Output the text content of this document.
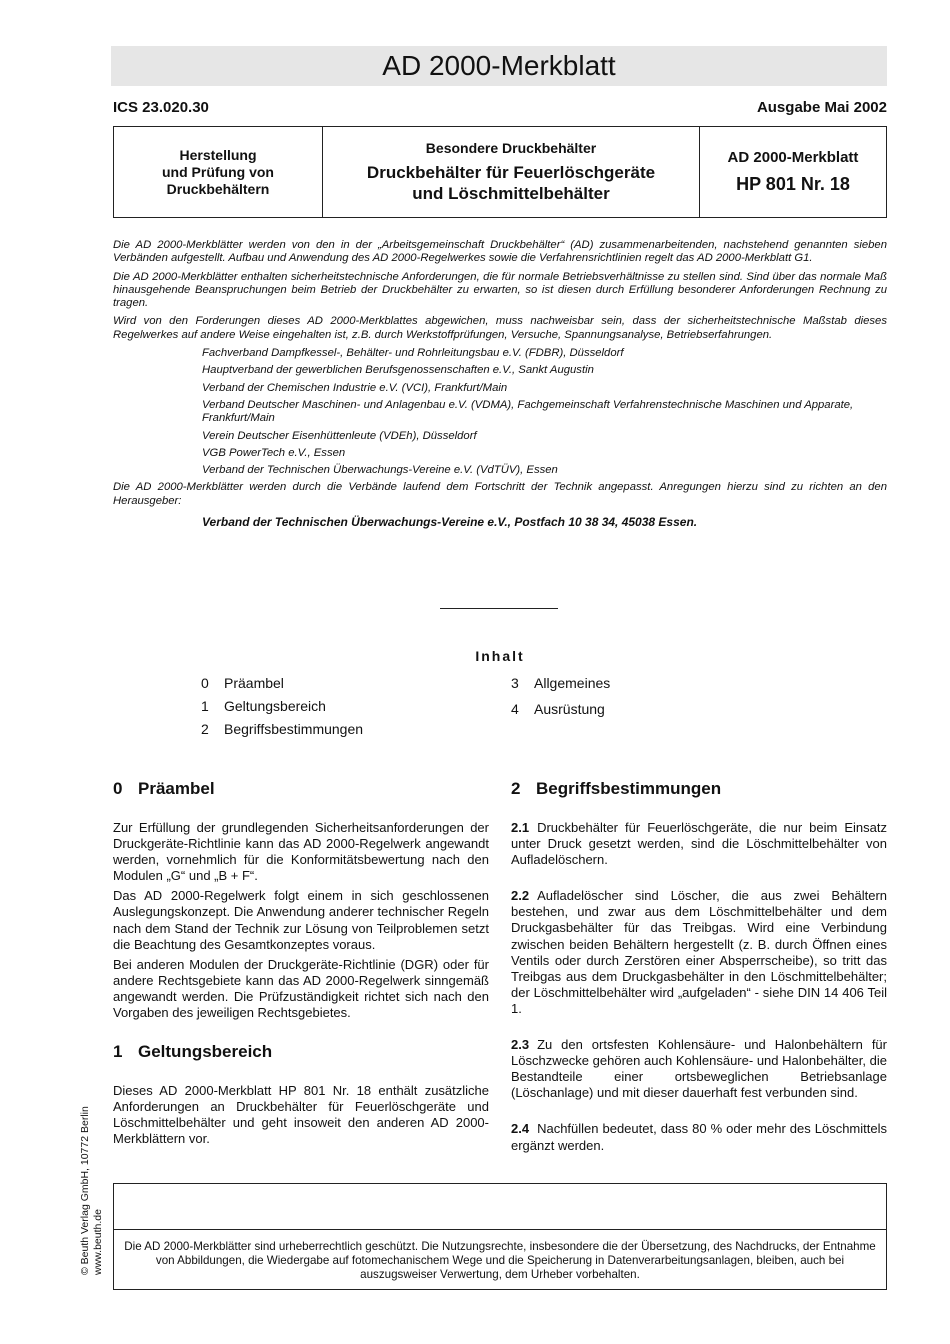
AD 2000-Merkblatt
ICS 23.020.30	Ausgabe Mai 2002
Herstellung
und Prüfung von
Druckbehältern
Besondere Druckbehälter
Druckbehälter für Feuerlöschgeräte
und Löschmittelbehälter
AD 2000-Merkblatt
HP 801 Nr. 18

Die AD 2000-Merkblätter werden von den in der „Arbeitsgemeinschaft Druckbehälter“ (AD) zusammenarbeitenden, nachstehend genannten sieben Verbänden aufgestellt. Aufbau und Anwendung des AD 2000-Regelwerkes sowie die Verfahrensrichtlinien regelt das AD 2000-Merkblatt G1.

Die AD 2000-Merkblätter enthalten sicherheitstechnische Anforderungen, die für normale Betriebsverhältnisse zu stellen sind. Sind über das normale Maß hinausgehende Beanspruchungen beim Betrieb der Druckbehälter zu erwarten, so ist diesen durch Erfüllung besonderer Anforderungen Rechnung zu tragen.

Wird von den Forderungen dieses AD 2000-Merkblattes abgewichen, muss nachweisbar sein, dass der sicherheitstechnische Maßstab dieses Regelwerkes auf andere Weise eingehalten ist, z.B. durch Werkstoffprüfungen, Versuche, Spannungsanalyse, Betriebserfahrungen.

Fachverband Dampfkessel-, Behälter- und Rohrleitungsbau e.V. (FDBR), Düsseldorf
Hauptverband der gewerblichen Berufsgenossenschaften e.V., Sankt Augustin
Verband der Chemischen Industrie e.V. (VCI), Frankfurt/Main
Verband Deutscher Maschinen- und Anlagenbau e.V. (VDMA), Fachgemeinschaft Verfahrenstechnische Maschinen und Apparate, Frankfurt/Main
Verein Deutscher Eisenhüttenleute (VDEh), Düsseldorf
VGB PowerTech e.V., Essen
Verband der Technischen Überwachungs-Vereine e.V. (VdTÜV), Essen

Die AD 2000-Merkblätter werden durch die Verbände laufend dem Fortschritt der Technik angepasst. Anregungen hierzu sind zu richten an den Herausgeber:

Verband der Technischen Überwachungs-Vereine e.V., Postfach 10 38 34, 45038 Essen.
Inhalt
0 Präambel
1 Geltungsbereich
2 Begriffsbestimmungen
3 Allgemeines
4 Ausrüstung
0 Präambel

Zur Erfüllung der grundlegenden Sicherheitsanforderungen der Druckgeräte-Richtlinie kann das AD 2000-Regelwerk angewandt werden, vornehmlich für die Konformitätsbewertung nach den Modulen „G“ und „B + F“.

Das AD 2000-Regelwerk folgt einem in sich geschlossenen Auslegungskonzept. Die Anwendung anderer technischer Regeln nach dem Stand der Technik zur Lösung von Teilproblemen setzt die Beachtung des Gesamtkonzeptes voraus.

Bei anderen Modulen der Druckgeräte-Richtlinie (DGR) oder für andere Rechtsgebiete kann das AD 2000-Regelwerk sinngemäß angewandt werden. Die Prüfzuständigkeit richtet sich nach den Vorgaben des jeweiligen Rechtsgebietes.

1 Geltungsbereich

Dieses AD 2000-Merkblatt HP 801 Nr. 18 enthält zusätzliche Anforderungen an Druckbehälter für Feuerlöschgeräte und Löschmittelbehälter und geht insoweit den anderen AD 2000-Merkblättern vor.

2 Begriffsbestimmungen

2.1 Druckbehälter für Feuerlöschgeräte, die nur beim Einsatz unter Druck gesetzt werden, sind die Löschmittelbehälter von Aufladelöschern.

2.2 Aufladelöscher sind Löscher, die aus zwei Behältern bestehen, und zwar aus dem Löschmittelbehälter und dem Druckgasbehälter für das Treibgas. Wird eine Verbindung zwischen beiden Behältern hergestellt (z. B. durch Öffnen eines Ventils oder durch Zerstören einer Absperrscheibe), so tritt das Treibgas aus dem Druckgasbehälter in den Löschmittelbehälter; der Löschmittelbehälter wird „aufgeladen“ - siehe DIN 14 406 Teil 1.

2.3 Zu den ortsfesten Kohlensäure- und Halonbehältern für Löschzwecke gehören auch Kohlensäure- und Halonbehälter, die Bestandteile einer ortsbeweglichen Betriebsanlage (Löschanlage) und mit dieser dauerhaft fest verbunden sind.

2.4 Nachfüllen bedeutet, dass 80 % oder mehr des Löschmittels ergänzt werden.

Die AD 2000-Merkblätter sind urheberrechtlich geschützt. Die Nutzungsrechte, insbesondere die der Übersetzung, des Nachdrucks, der Entnahme von Abbildungen, die Wiedergabe auf fotomechanischem Wege und die Speicherung in Datenverarbeitungsanlagen, bleiben, auch bei auszugsweiser Verwertung, dem Urheber vorbehalten.
© Beuth Verlag GmbH, 10772 Berlin www.beuth.de
